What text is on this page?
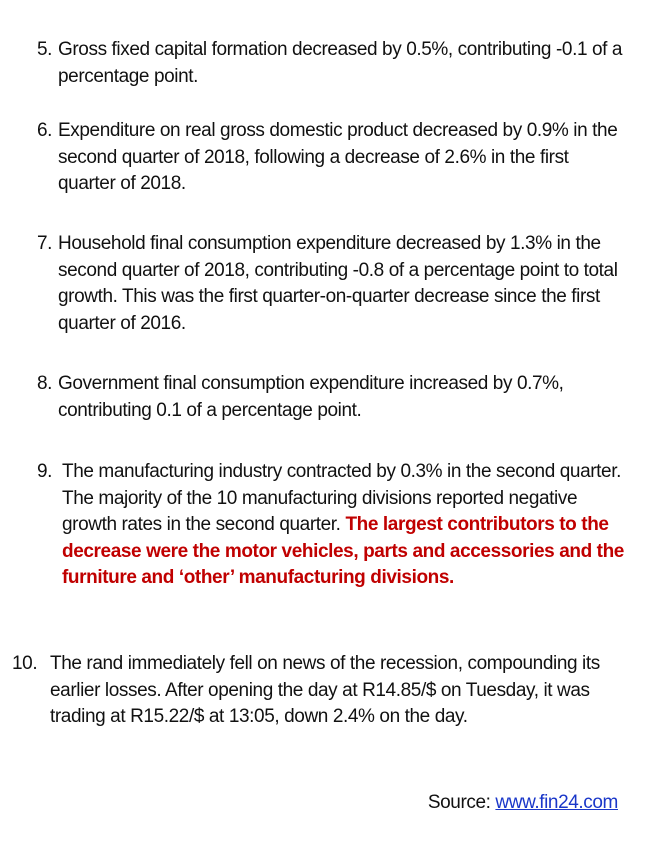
5. Gross fixed capital formation decreased by 0.5%, contributing -0.1 of a percentage point.
6. Expenditure on real gross domestic product decreased by 0.9% in the second quarter of 2018, following a decrease of 2.6% in the first quarter of 2018.
7. Household final consumption expenditure decreased by 1.3% in the second quarter of 2018, contributing -0.8 of a percentage point to total growth. This was the first quarter-on-quarter decrease since the first quarter of 2016.
8. Government final consumption expenditure increased by 0.7%, contributing 0.1 of a percentage point.
9. The manufacturing industry contracted by 0.3% in the second quarter. The majority of the 10 manufacturing divisions reported negative growth rates in the second quarter. The largest contributors to the decrease were the motor vehicles, parts and accessories and the furniture and ‘other’ manufacturing divisions.
10. The rand immediately fell on news of the recession, compounding its earlier losses. After opening the day at R14.85/$ on Tuesday, it was trading at R15.22/$ at 13:05, down 2.4% on the day.
Source: www.fin24.com
